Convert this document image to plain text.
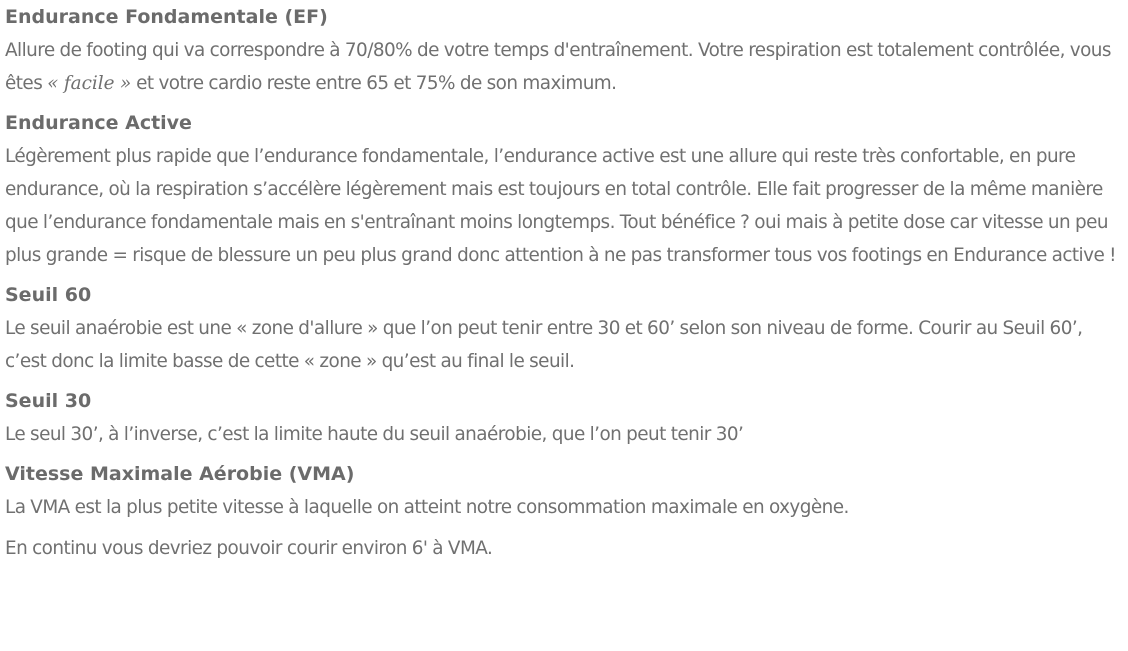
Endurance Fondamentale (EF)

Allure de footing qui va correspondre à 70/80% de votre temps d'entraînement. Votre respiration est totalement contrôlée, vous êtes « facile » et votre cardio reste entre 65 et 75% de son maximum.

Endurance Active

Légèrement plus rapide que l’endurance fondamentale, l’endurance active est une allure qui reste très confortable, en pure endurance, où la respiration s’accélère légèrement mais est toujours en total contrôle. Elle fait progresser de la même manière que l’endurance fondamentale mais en s'entraînant moins longtemps. Tout bénéfice ? oui mais à petite dose car vitesse un peu plus grande = risque de blessure un peu plus grand donc attention à ne pas transformer tous vos footings en Endurance active !

Seuil 60

Le seuil anaérobie est une « zone d'allure » que l’on peut tenir entre 30 et 60’ selon son niveau de forme. Courir au Seuil 60’, c’est donc la limite basse de cette « zone » qu’est au final le seuil.

Seuil 30

Le seul 30’, à l’inverse, c’est la limite haute du seuil anaérobie, que l’on peut tenir 30’

Vitesse Maximale Aérobie (VMA)

La VMA est la plus petite vitesse à laquelle on atteint notre consommation maximale en oxygène.

En continu vous devriez pouvoir courir environ 6' à VMA.
